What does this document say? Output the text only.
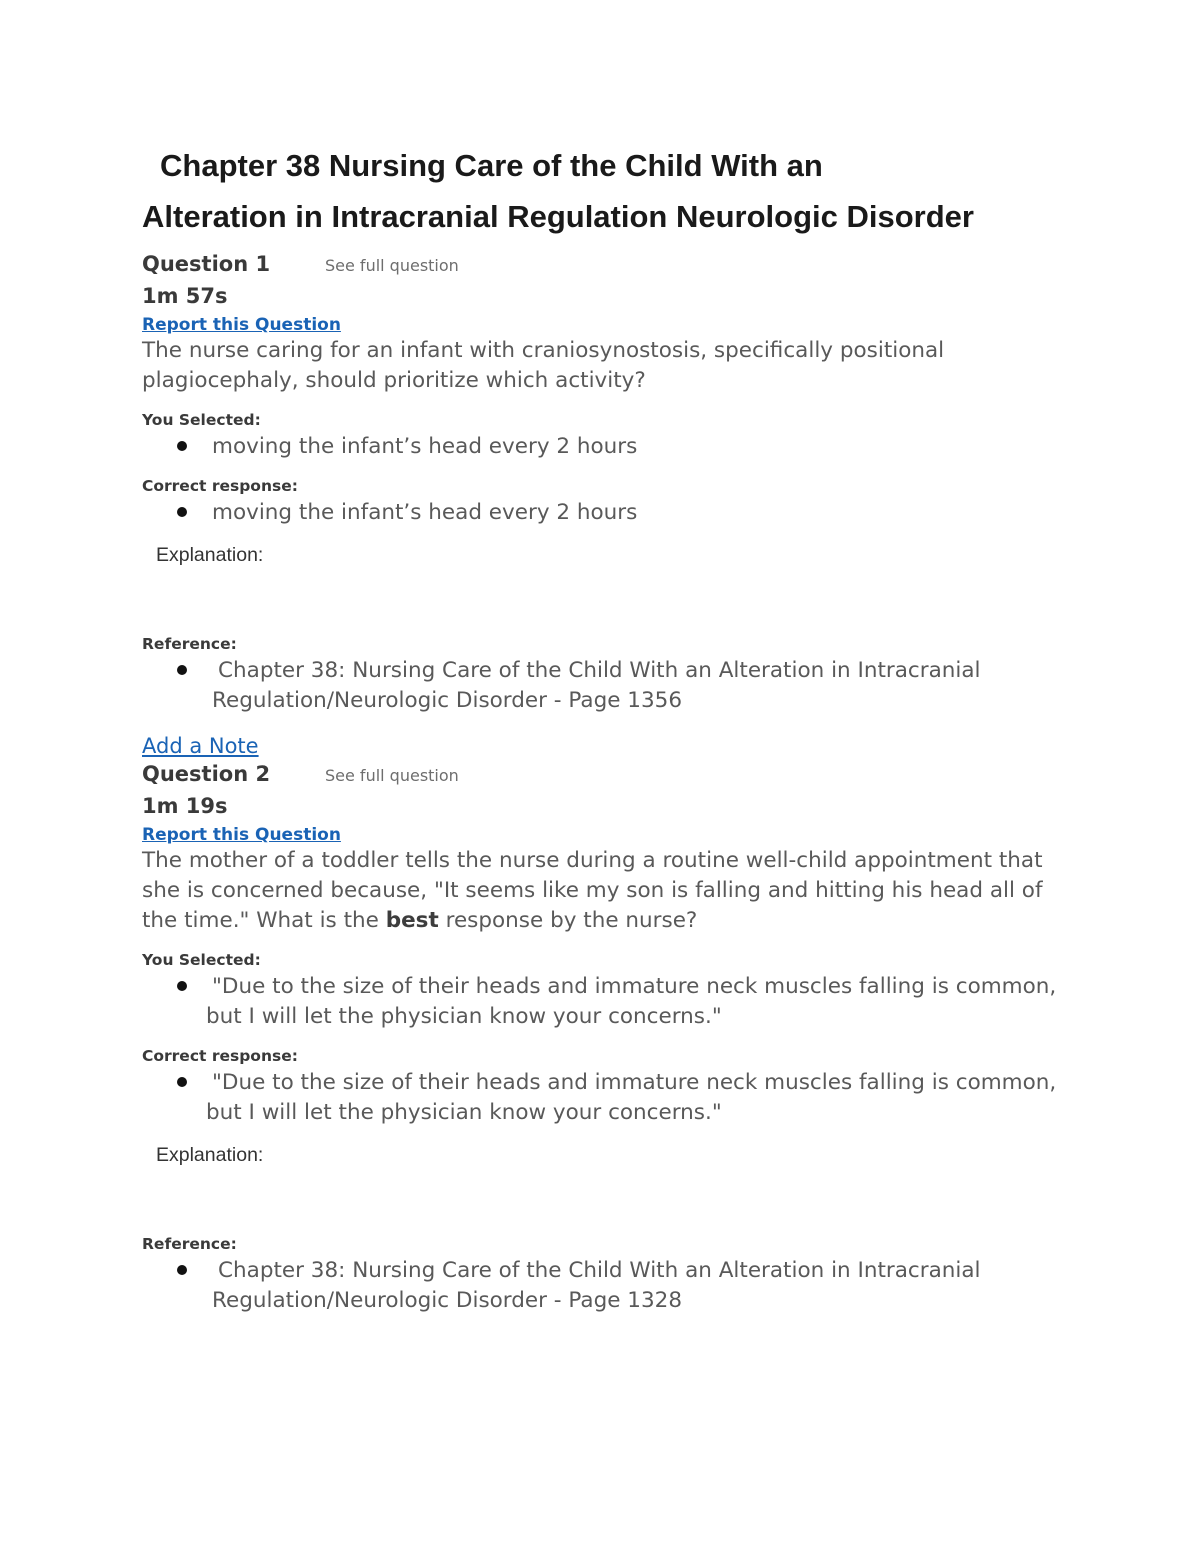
Chapter 38 Nursing Care of the Child With an
Alteration in Intracranial Regulation Neurologic Disorder
Question 1	See full question
1m 57s
Report this Question

The nurse caring for an infant with craniosynostosis, specifically positional plagiocephaly, should prioritize which activity?

You Selected:
moving the infant’s head every 2 hours
Correct response:
moving the infant’s head every 2 hours
Explanation:
Reference:
Chapter 38: Nursing Care of the Child With an Alteration in Intracranial Regulation/Neurologic Disorder - Page 1356
Add a Note
Question 2	See full question
1m 19s
Report this Question

The mother of a toddler tells the nurse during a routine well-child appointment that she is concerned because, "It seems like my son is falling and hitting his head all of the time." What is the best response by the nurse?

You Selected:
"Due to the size of their heads and immature neck muscles falling is common, but I will let the physician know your concerns."
Correct response:
"Due to the size of their heads and immature neck muscles falling is common, but I will let the physician know your concerns."
Explanation:
Reference:
Chapter 38: Nursing Care of the Child With an Alteration in Intracranial Regulation/Neurologic Disorder - Page 1328
